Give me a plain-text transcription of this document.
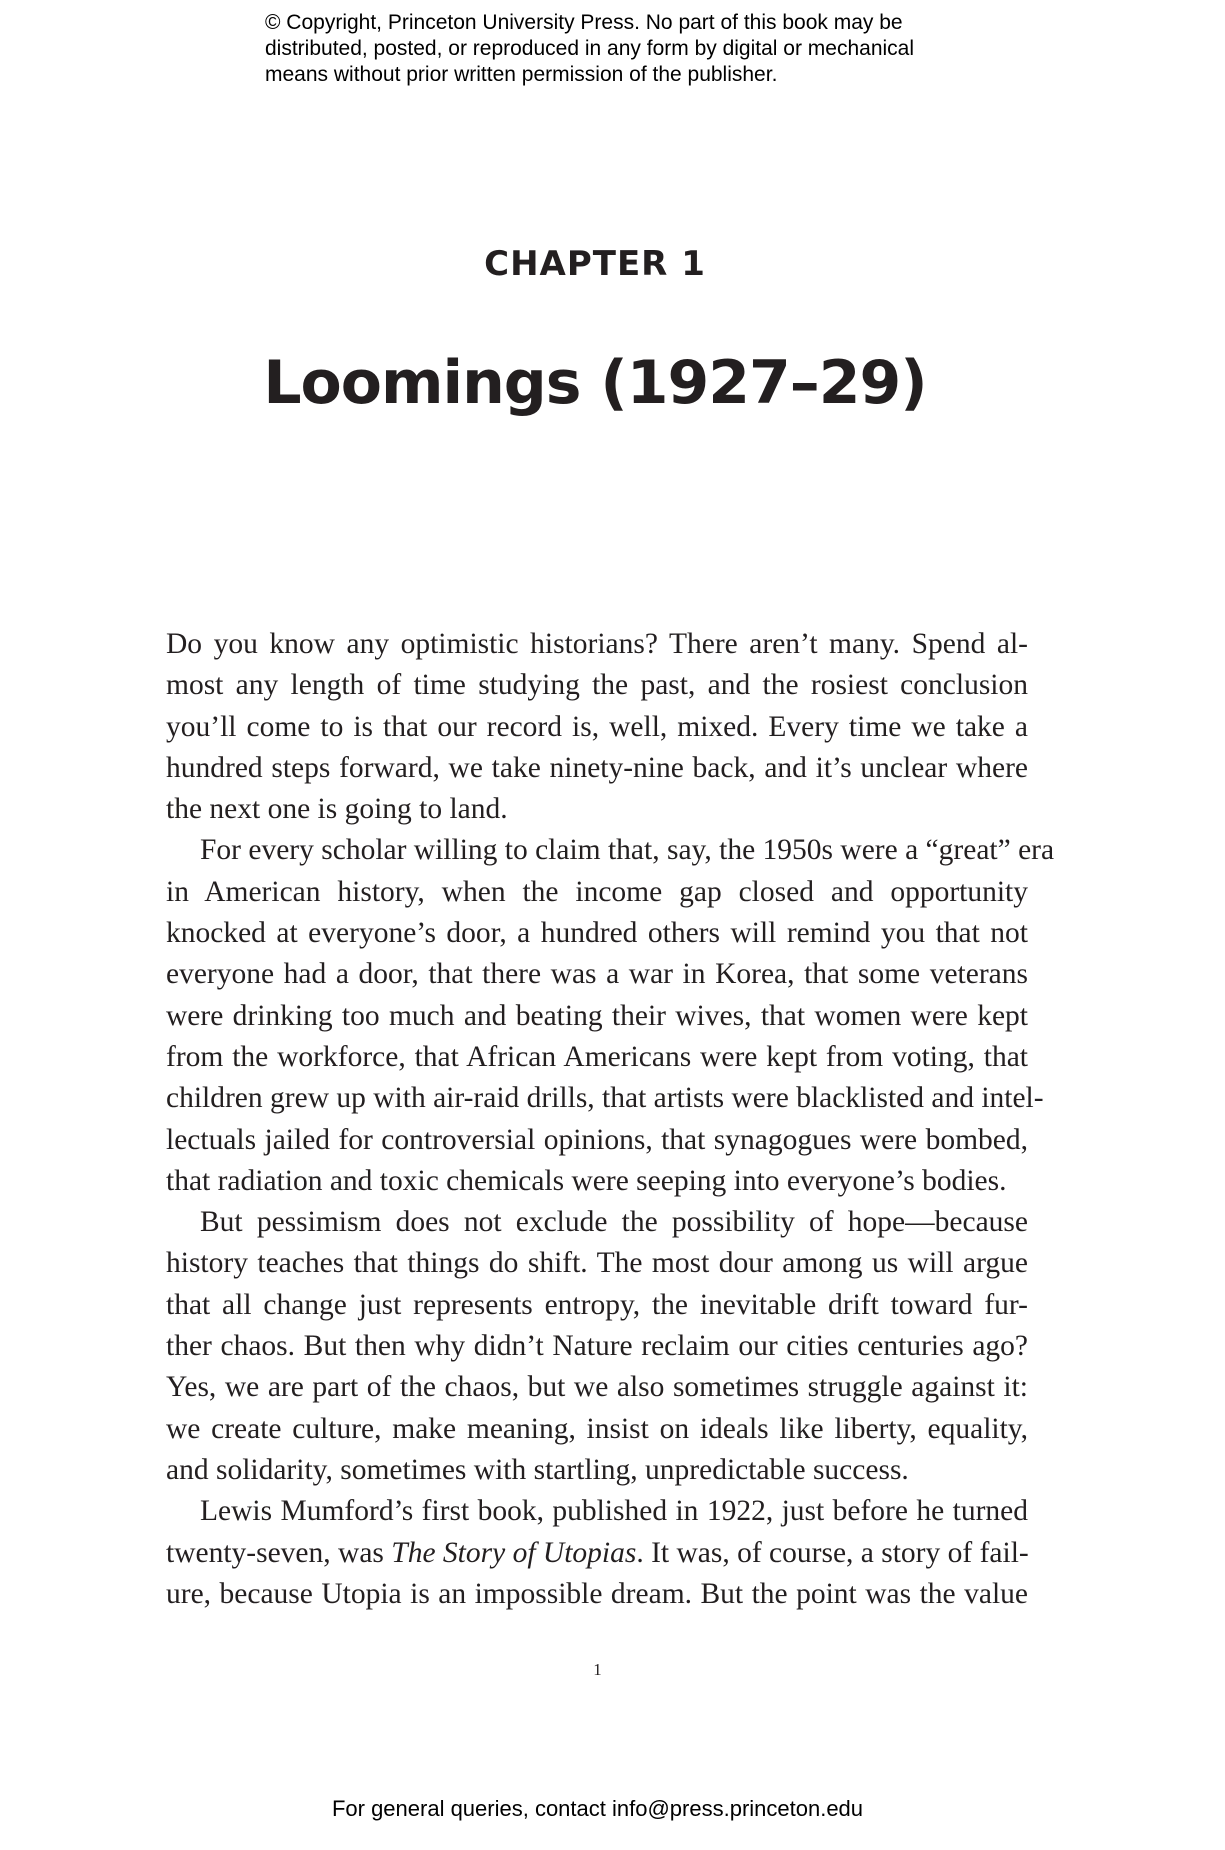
© Copyright, Princeton University Press. No part of this book may be
distributed, posted, or reproduced in any form by digital or mechanical
means without prior written permission of the publisher.
CHAPTER 1
Loomings (1927–29)
Do you know any optimistic historians? There aren’t many. Spend al-
most any length of time studying the past, and the rosiest conclusion
you’ll come to is that our record is, well, mixed. Every time we take a
hundred steps forward, we take ninety-nine back, and it’s unclear where
the next one is going to land.
For every scholar willing to claim that, say, the 1950s were a “great” era
in American history, when the income gap closed and opportunity
knocked at everyone’s door, a hundred others will remind you that not
everyone had a door, that there was a war in Korea, that some veterans
were drinking too much and beating their wives, that women were kept
from the workforce, that African Americans were kept from voting, that
children grew up with air-raid drills, that artists were blacklisted and intel-
lectuals jailed for controversial opinions, that synagogues were bombed,
that radiation and toxic chemicals were seeping into everyone’s bodies.
But pessimism does not exclude the possibility of hope—because
history teaches that things do shift. The most dour among us will argue
that all change just represents entropy, the inevitable drift toward fur-
ther chaos. But then why didn’t Nature reclaim our cities centuries ago?
Yes, we are part of the chaos, but we also sometimes struggle against it:
we create culture, make meaning, insist on ideals like liberty, equality,
and solidarity, sometimes with startling, unpredictable success.
Lewis Mumford’s first book, published in 1922, just before he turned
twenty-seven, was The Story of Utopias. It was, of course, a story of fail-
ure, because Utopia is an impossible dream. But the point was the value
1
For general queries, contact info@press.princeton.edu
